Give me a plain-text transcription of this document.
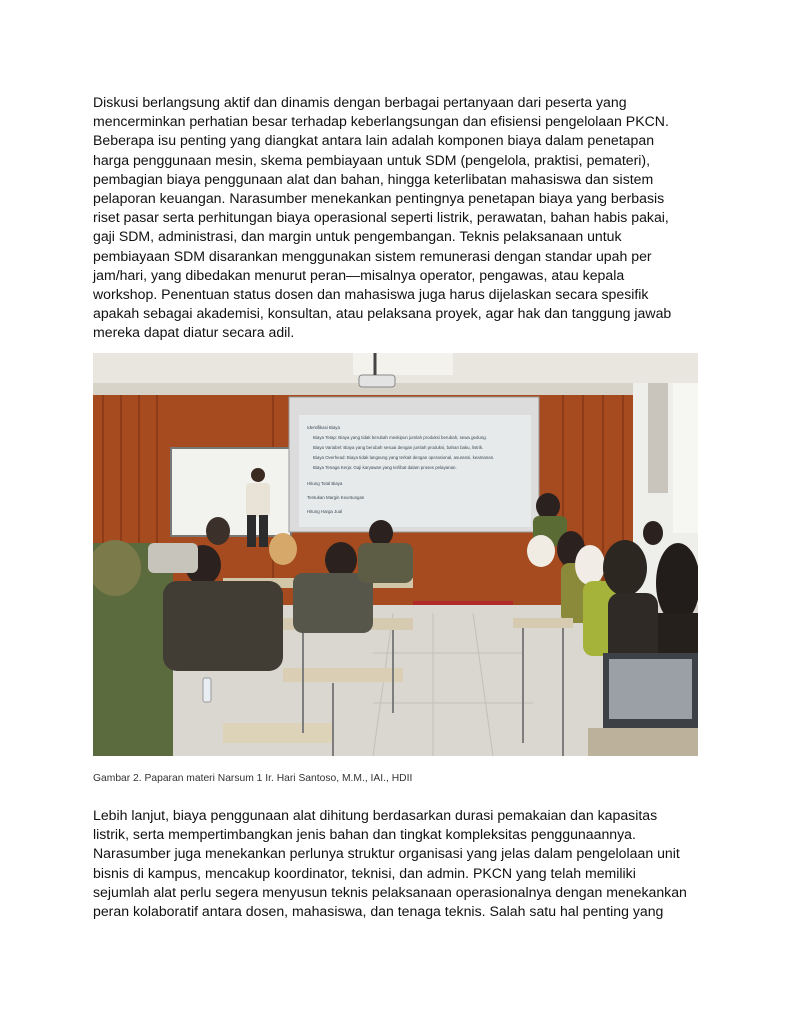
Diskusi berlangsung aktif dan dinamis dengan berbagai pertanyaan dari peserta yang
mencerminkan perhatian besar terhadap keberlangsungan dan efisiensi pengelolaan PKCN.
Beberapa isu penting yang diangkat antara lain adalah komponen biaya dalam penetapan
harga penggunaan mesin, skema pembiayaan untuk SDM (pengelola, praktisi, pemateri),
pembagian biaya penggunaan alat dan bahan, hingga keterlibatan mahasiswa dan sistem
pelaporan keuangan. Narasumber menekankan pentingnya penetapan biaya yang berbasis
riset pasar serta perhitungan biaya operasional seperti listrik, perawatan, bahan habis pakai,
gaji SDM, administrasi, dan margin untuk pengembangan. Teknis pelaksanaan untuk
pembiayaan SDM disarankan menggunakan sistem remunerasi dengan standar upah per
jam/hari, yang dibedakan menurut peran—misalnya operator, pengawas, atau kepala
workshop. Penentuan status dosen dan mahasiswa juga harus dijelaskan secara spesifik
apakah sebagai akademisi, konsultan, atau pelaksana proyek, agar hak dan tanggung jawab
mereka dapat diatur secara adil.

Identifikasi Biaya
Biaya Tetap: Biaya yang tidak berubah meskipun jumlah produksi berubah, sewa gedung.
Biaya Variabel: Biaya yang berubah sesuai dengan jumlah produksi, bahan baku, listrik.
Biaya Overhead: Biaya tidak langsung yang terkait dengan operasional, asuransi, keamanan.
Biaya Tenaga Kerja: Gaji karyawan yang terlibat dalam proses pelayanan.
Hitung Total Biaya
Tentukan Margin Keuntungan
Hitung Harga Jual
Gambar 2. Paparan materi Narsum 1 Ir. Hari Santoso, M.M., IAI., HDII

Lebih lanjut, biaya penggunaan alat dihitung berdasarkan durasi pemakaian dan kapasitas
listrik, serta mempertimbangkan jenis bahan dan tingkat kompleksitas penggunaannya.
Narasumber juga menekankan perlunya struktur organisasi yang jelas dalam pengelolaan unit
bisnis di kampus, mencakup koordinator, teknisi, dan admin. PKCN yang telah memiliki
sejumlah alat perlu segera menyusun teknis pelaksanaan operasionalnya dengan menekankan
peran kolaboratif antara dosen, mahasiswa, dan tenaga teknis. Salah satu hal penting yang
